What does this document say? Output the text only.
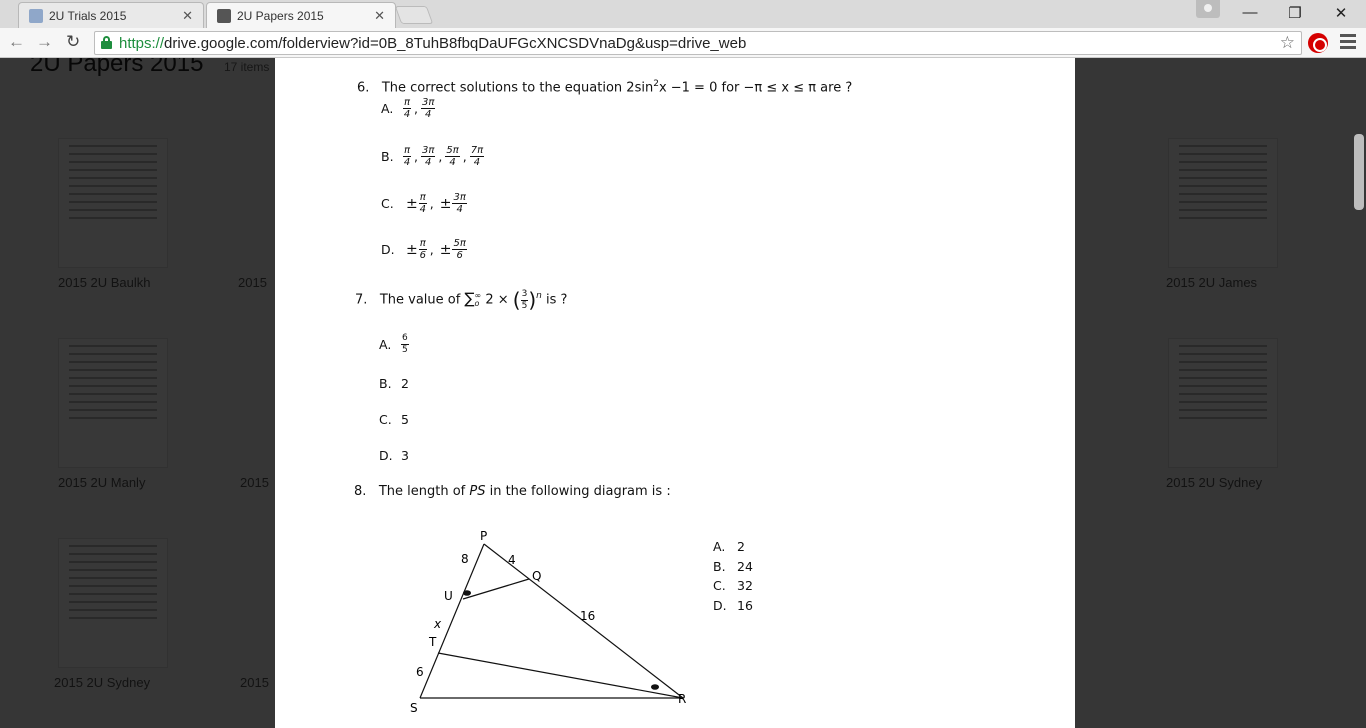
2U Trials 2015	✕	2U Papers 2015	✕	—	❐	✕
← → ↻	https://drive.google.com/folderview?id=0B_8TuhB8fbqDaUFGcXNCSDVnaDg&usp=drive_web	☆
6. The correct solutions to the equation $2\sin^2x -1 = 0$ for −π ≤ x ≤ π are ?
A. $\frac{\pi}{4}$ , $\frac{3\pi}{4}$
B. $\frac{\pi}{4}$ , $\frac{3\pi}{4}$ , $\frac{5\pi}{4}$ , $\frac{7\pi}{4}$
C. ± $\frac{\pi}{4}$ , ± $\frac{3\pi}{4}$
D. ± $\frac{\pi}{6}$ , ± $\frac{5\pi}{6}$
7. The value of ∑ ∞
o 2 × ( $\frac{3}{5} )^n$ is ?
A.	$\frac{6}{5}$
B. 2
C. 5
D. 3
8. The length of PS in the following diagram is :
P
Q
U
T
S
R
8	4
16
x
6
A. 2
B. 24
C. 32
D. 16
